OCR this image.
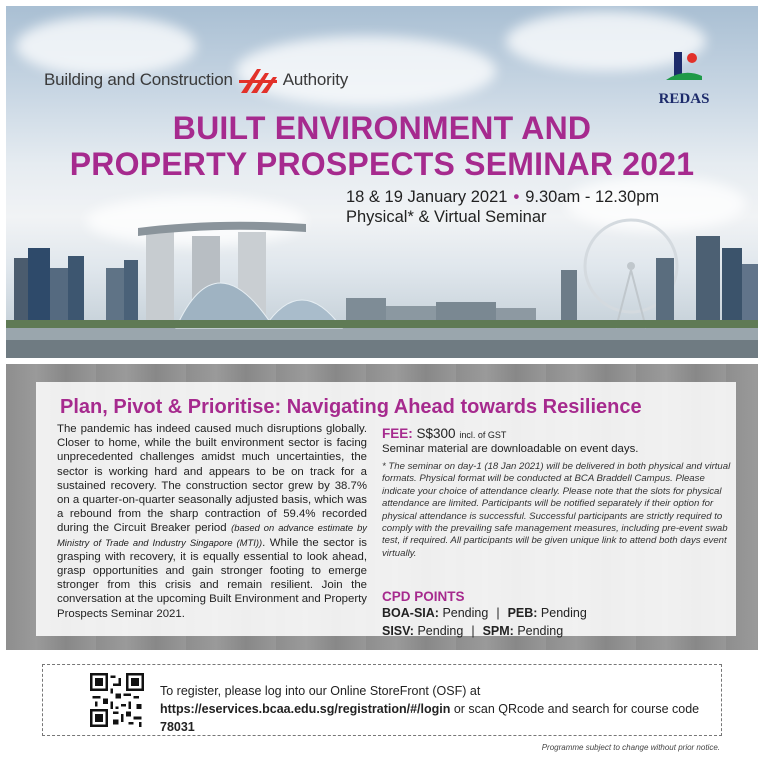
Building and Construction	Authority
REDAS
BUILT ENVIRONMENT AND
PROPERTY PROSPECTS SEMINAR 2021
18 & 19 January 2021 • 9.30am - 12.30pm
Physical* & Virtual Seminar
Plan, Pivot & Prioritise: Navigating Ahead towards Resilience
The pandemic has indeed caused much disruptions globally. Closer to home, while the built environment sector is facing unprecedented challenges amidst much uncertainties, the sector is working hard and appears to be on track for a sustained recovery. The construction sector grew by 38.7% on a quarter-on-quarter seasonally adjusted basis, which was a rebound from the sharp contraction of 59.4% recorded during the Circuit Breaker period (based on advance estimate by Ministry of Trade and Industry Singapore (MTI)). While the sector is grasping with recovery, it is equally essential to look ahead, grasp opportunities and gain stronger footing to emerge stronger from this crisis and remain resilient. Join the conversation at the upcoming Built Environment and Property Prospects Seminar 2021.
FEE: S$300 incl. of GST
Seminar material are downloadable on event days.
* The seminar on day-1 (18 Jan 2021) will be delivered in both physical and virtual formats. Physical format will be conducted at BCA Braddell Campus. Please indicate your choice of attendance clearly. Please note that the slots for physical attendance are limited. Participants will be notified separately if their option for physical attendance is successful. Successful participants are strictly required to comply with the prevailing safe management measures, including pre-event swab test, if required. All participants will be given unique link to attend both days event virtually.
CPD POINTS
BOA-SIA: Pending | PEB: Pending
SISV: Pending | SPM: Pending
To register, please log into our Online StoreFront (OSF) at https://eservices.bcaa.edu.sg/registration/#/login or scan QRcode and search for course code 78031
Programme subject to change without prior notice.
